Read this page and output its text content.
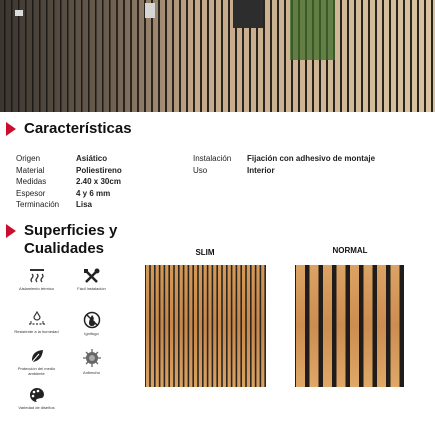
Características
Origen	Asiático
Material	Poliestireno
Medidas	2.40 x 30cm
Espesor	4 y 6 mm
Terminación	Lisa
Instalación	Fijación con adhesivo de montaje
Uso	Interior
Superficies y
Cualidades
Aislamiento térmico	Fácil instalación
Resistente a la humedad	Ignífugo
Protección del medio ambiente	Antimoho
Variedad de diseños
SLIM	NORMAL
